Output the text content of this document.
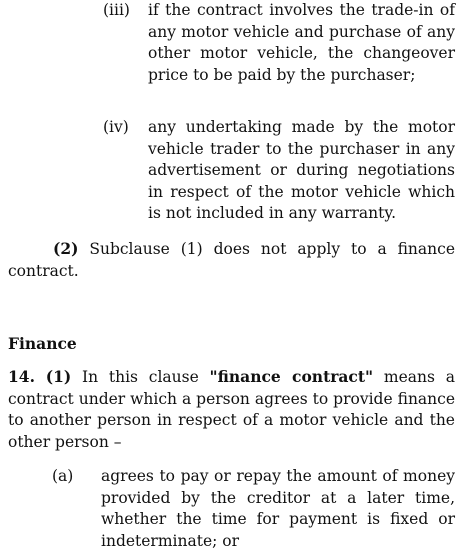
(iii)	if the contract involves the trade-in of any motor vehicle and purchase of any other motor vehicle, the changeover price to be paid by the purchaser;
(iv)	any undertaking made by the motor vehicle trader to the purchaser in any advertisement or during negotiations in respect of the motor vehicle which is not included in any warranty.
(2) Subclause (1) does not apply to a finance contract.
Finance
14. (1) In this clause "finance contract" means a contract under which a person agrees to provide finance to another person in respect of a motor vehicle and the other person –
(a)	agrees to pay or repay the amount of money provided by the creditor at a later time, whether the time for payment is fixed or indeterminate; or
